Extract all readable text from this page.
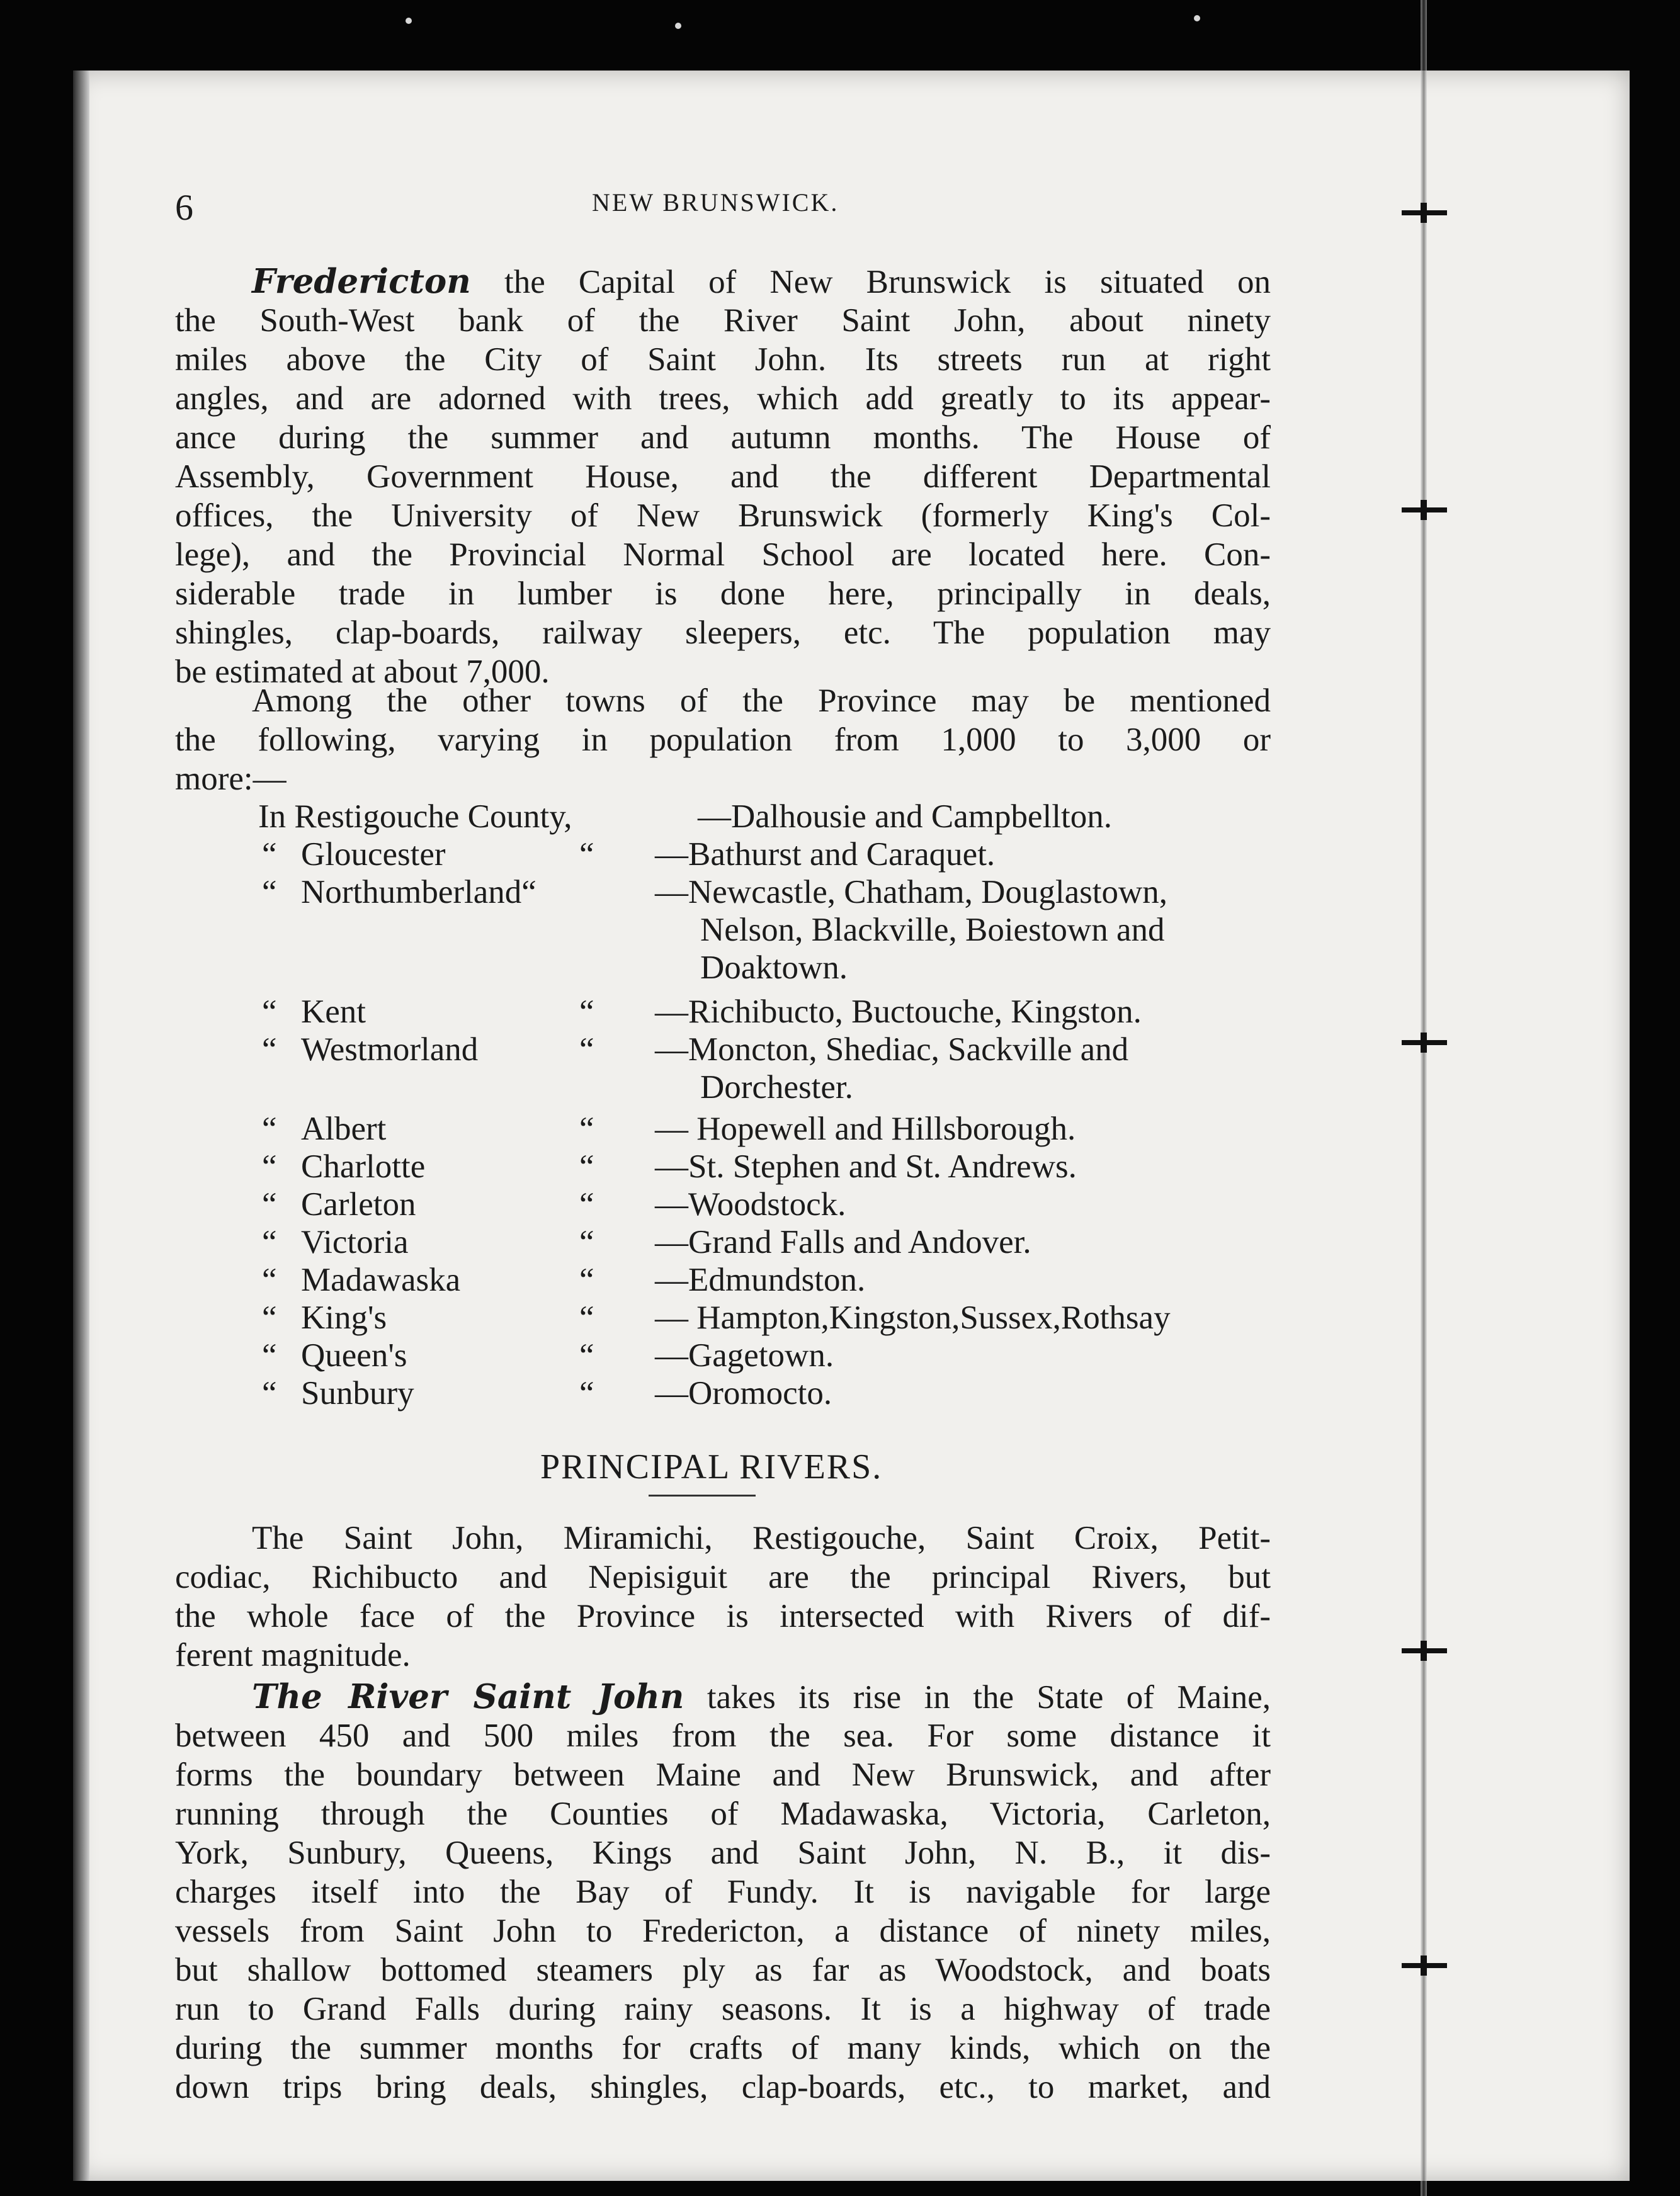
6	NEW BRUNSWICK.
Fredericton the Capital of New Brunswick is situated on
the South-West bank of the River Saint John, about ninety
miles above the City of Saint John. Its streets run at right
angles, and are adorned with trees, which add greatly to its appear-
ance during the summer and autumn months. The House of
Assembly, Government House, and the different Departmental
offices, the University of New Brunswick (formerly King's Col-
lege), and the Provincial Normal School are located here. Con-
siderable trade in lumber is done here, principally in deals,
shingles, clap-boards, railway sleepers, etc. The population may
be estimated at about 7,000.
Among the other towns of the Province may be mentioned
the following, varying in population from 1,000 to 3,000 or
more:—
In Restigouche County,	—Dalhousie and Campbellton.
“ Gloucester	“ —Bathurst and Caraquet.
“ Northumberland“	—Newcastle, Chatham, Douglastown,
Nelson, Blackville, Boiestown and
Doaktown.
“ Kent	“ —Richibucto, Buctouche, Kingston.
“ Westmorland	“ —Moncton, Shediac, Sackville and
Dorchester.
“ Albert	“ — Hopewell and Hillsborough.
“ Charlotte	“ —St. Stephen and St. Andrews.
“ Carleton	“ —Woodstock.
“ Victoria	“ —Grand Falls and Andover.
“ Madawaska	“ —Edmundston.
“ King's	“ — Hampton,Kingston,Sussex,Rothsay
“ Queen's	“ —Gagetown.
“ Sunbury	“ —Oromocto.
PRINCIPAL RIVERS.
The Saint John, Miramichi, Restigouche, Saint Croix, Petit-
codiac, Richibucto and Nepisiguit are the principal Rivers, but
the whole face of the Province is intersected with Rivers of dif-
ferent magnitude.
The River Saint John takes its rise in the State of Maine,
between 450 and 500 miles from the sea. For some distance it
forms the boundary between Maine and New Brunswick, and after
running through the Counties of Madawaska, Victoria, Carleton,
York, Sunbury, Queens, Kings and Saint John, N. B., it dis-
charges itself into the Bay of Fundy. It is navigable for large
vessels from Saint John to Fredericton, a distance of ninety miles,
but shallow bottomed steamers ply as far as Woodstock, and boats
run to Grand Falls during rainy seasons. It is a highway of trade
during the summer months for crafts of many kinds, which on the
down trips bring deals, shingles, clap-boards, etc., to market, and
